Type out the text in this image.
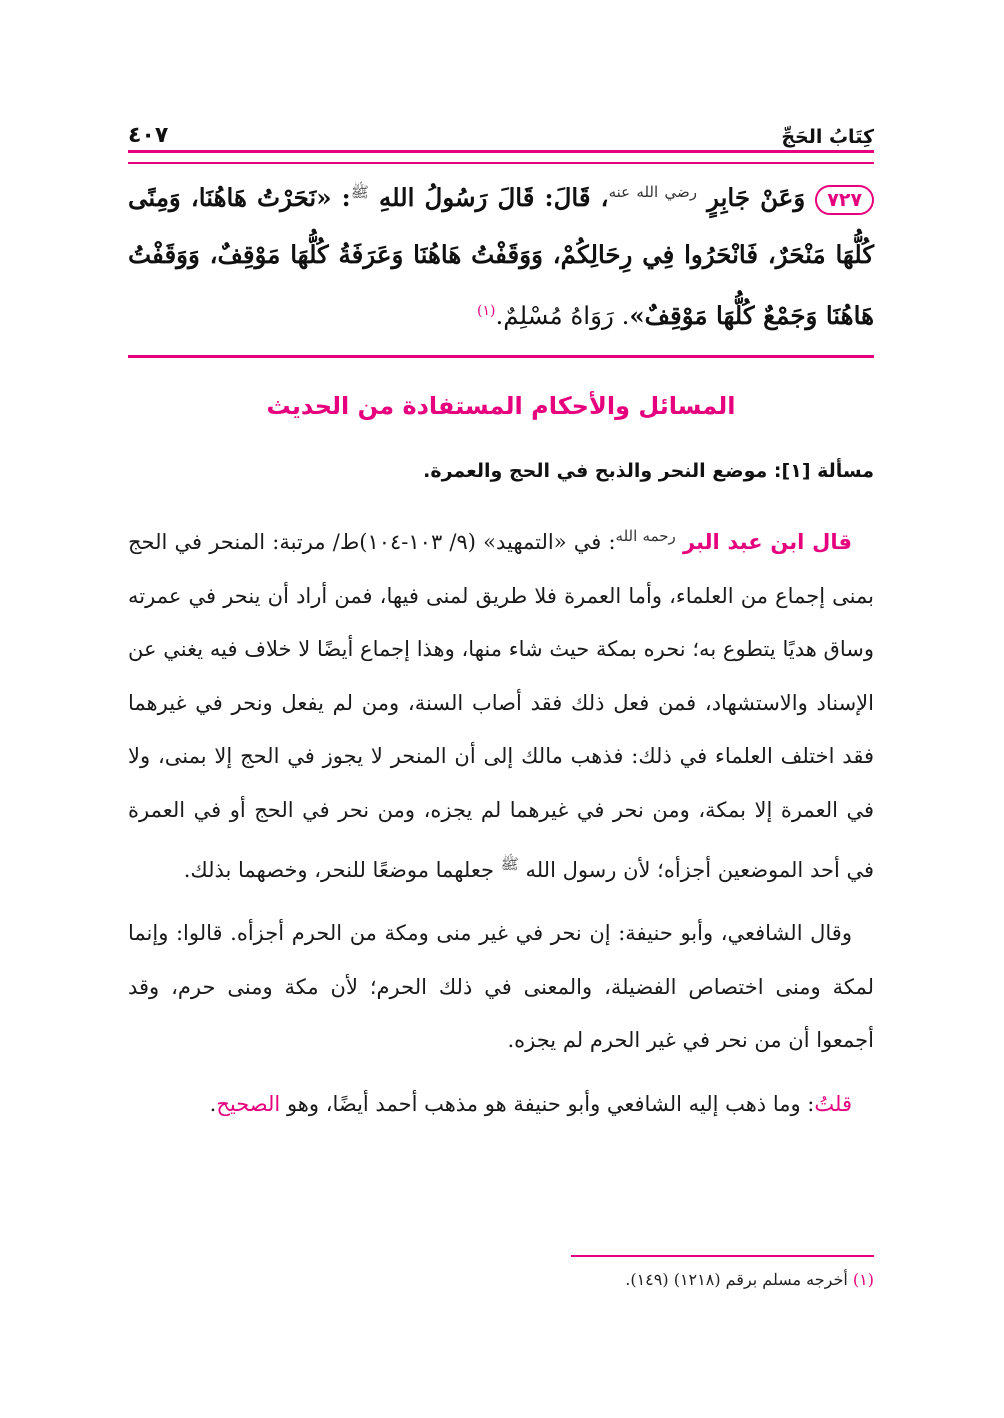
كِتَابُ الحَجِّ
٤٠٧
٧٢٧وَعَنْ جَابِرٍ $^{رضي الله عنه}$، قَالَ: قَالَ رَسُولُ اللهِ $^ﷺ$: «نَحَرْتُ هَاهُنَا، وَمِنًى كُلُّهَا مَنْحَرٌ، فَانْحَرُوا فِي رِحَالِكُمْ، وَوَقَفْتُ هَاهُنَا وَعَرَفَةُ كُلُّهَا مَوْقِفٌ، وَوَقَفْتُ هَاهُنَا وَجَمْعٌ كُلُّهَا مَوْقِفٌ». رَوَاهُ مُسْلِمٌ.$^{(١)}$
المسائل والأحكام المستفادة من الحديث
مسألة [١]: موضع النحر والذبح في الحج والعمرة.

قال ابن عبد البر $^{رحمه الله}$: في «التمهيد» (٩/ ١٠٣-١٠٤)ط/ مرتبة: المنحر في الحج بمنى إجماع من العلماء، وأما العمرة فلا طريق لمنى فيها، فمن أراد أن ينحر في عمرته وساق هديًا يتطوع به؛ نحره بمكة حيث شاء منها، وهذا إجماع أيضًا لا خلاف فيه يغني عن الإسناد والاستشهاد، فمن فعل ذلك فقد أصاب السنة، ومن لم يفعل ونحر في غيرهما فقد اختلف العلماء في ذلك: فذهب مالك إلى أن المنحر لا يجوز في الحج إلا بمنى، ولا في العمرة إلا بمكة، ومن نحر في غيرهما لم يجزه، ومن نحر في الحج أو في العمرة في أحد الموضعين أجزأه؛ لأن رسول الله $^ﷺ$ جعلهما موضعًا للنحر، وخصهما بذلك.

وقال الشافعي، وأبو حنيفة: إن نحر في غير منى ومكة من الحرم أجزأه. قالوا: وإنما لمكة ومنى اختصاص الفضيلة، والمعنى في ذلك الحرم؛ لأن مكة ومنى حرم، وقد أجمعوا أن من نحر في غير الحرم لم يجزه.

قلتُ: وما ذهب إليه الشافعي وأبو حنيفة هو مذهب أحمد أيضًا، وهو الصحيح.

(١) أخرجه مسلم برقم (١٢١٨) (١٤٩).
